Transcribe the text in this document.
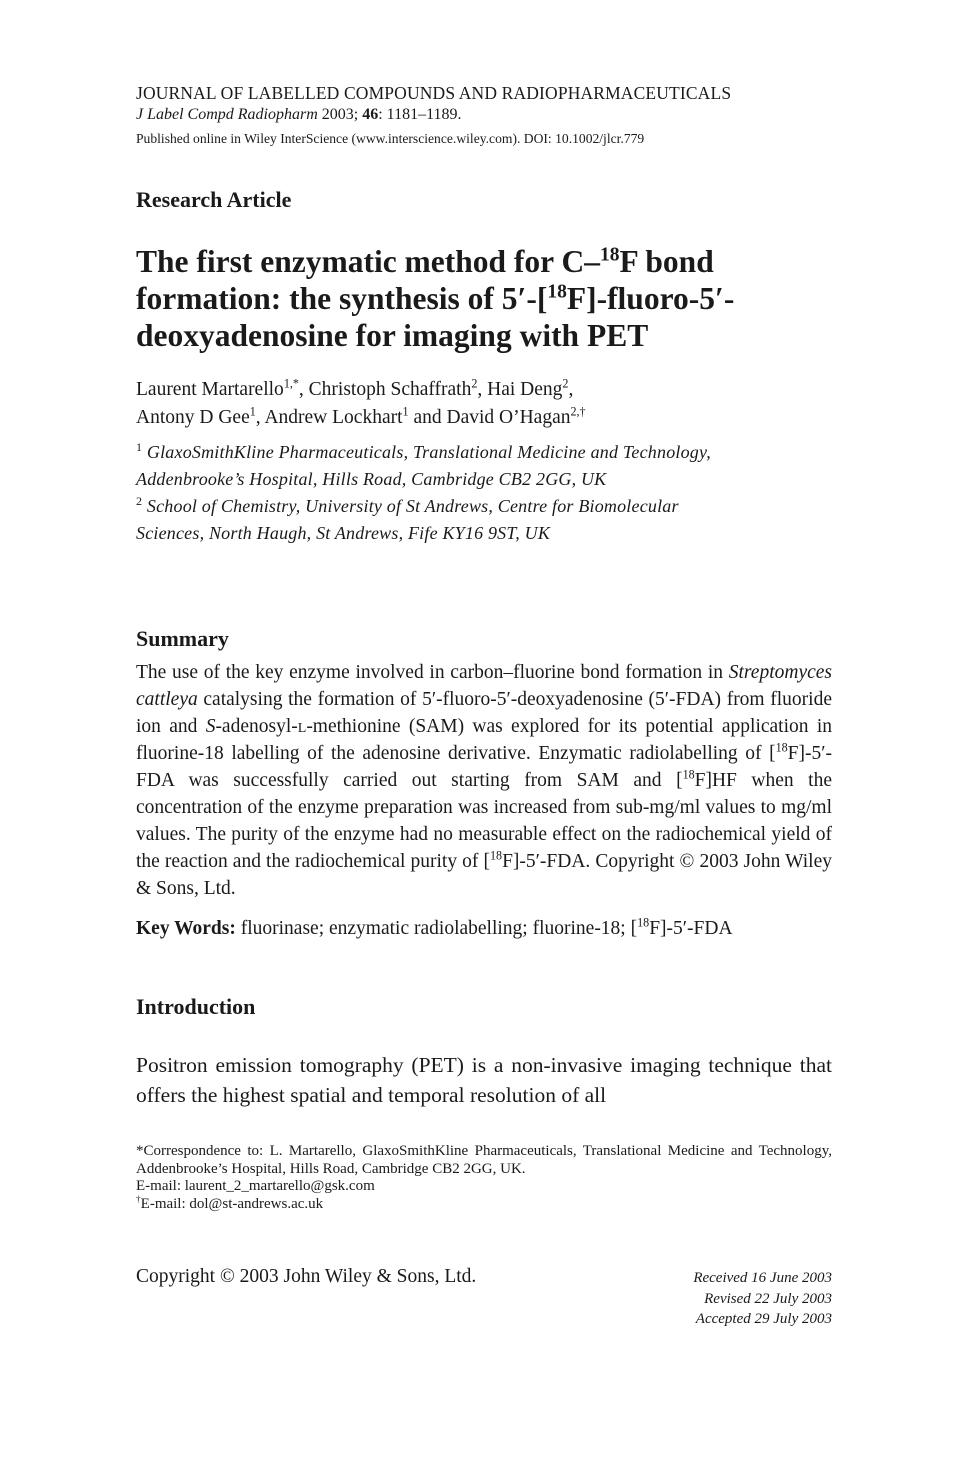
JOURNAL OF LABELLED COMPOUNDS AND RADIOPHARMACEUTICALS
J Label Compd Radiopharm 2003; 46: 1181–1189.
Published online in Wiley InterScience (www.interscience.wiley.com). DOI: 10.1002/jlcr.779
Research Article
The first enzymatic method for C–$^{18}$F bond
formation: the synthesis of 5′-[$^{18}$F]-fluoro-5′-
deoxyadenosine for imaging with PET
Laurent Martarello$^{1,*}$, Christoph Schaffrath$^2$, Hai Deng$^2$,
Antony D Gee$^1$, Andrew Lockhart$^1$ and David O’Hagan$^{2,\dagger}$
$^1$ GlaxoSmithKline Pharmaceuticals, Translational Medicine and Technology,
Addenbrooke’s Hospital, Hills Road, Cambridge CB2 2GG, UK
$^2$ School of Chemistry, University of St Andrews, Centre for Biomolecular
Sciences, North Haugh, St Andrews, Fife KY16 9ST, UK
Summary
The use of the key enzyme involved in carbon–fluorine bond formation in Streptomyces cattleya catalysing the formation of 5′-fluoro-5′-deoxyadenosine (5′-FDA) from fluoride ion and S-adenosyl-l-methionine (SAM) was explored for its potential application in fluorine-18 labelling of the adenosine derivative. Enzymatic radiolabelling of [$^{18}$F]-5′-FDA was successfully carried out starting from SAM and [$^{18}$F]HF when the concentration of the enzyme preparation was increased from sub-mg/ml values to mg/ml values. The purity of the enzyme had no measurable effect on the radiochemical yield of the reaction and the radiochemical purity of [$^{18}$F]-5′-FDA. Copyright © 2003 John Wiley & Sons, Ltd.
Key Words: fluorinase; enzymatic radiolabelling; fluorine-18; [$^{18}$F]-5′-FDA
Introduction
Positron emission tomography (PET) is a non-invasive imaging technique that offers the highest spatial and temporal resolution of all
*Correspondence to: L. Martarello, GlaxoSmithKline Pharmaceuticals, Translational Medicine and Technology, Addenbrooke’s Hospital, Hills Road, Cambridge CB2 2GG, UK.
E-mail: laurent_2_martarello@gsk.com
†E-mail: dol@st-andrews.ac.uk
Copyright © 2003 John Wiley & Sons, Ltd.	Received 16 June 2003
Revised 22 July 2003
Accepted 29 July 2003
